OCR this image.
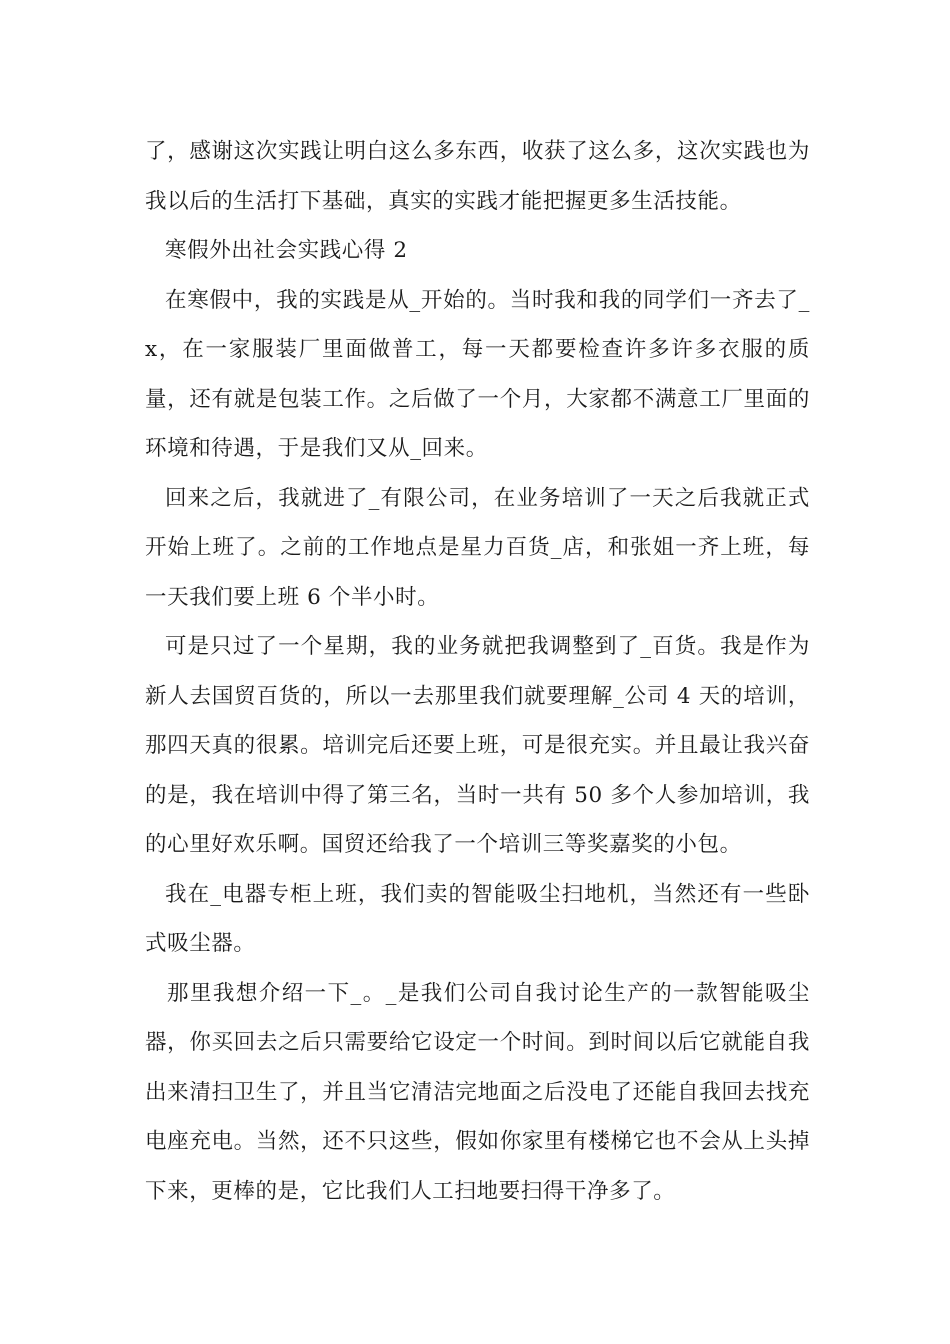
了，感谢这次实践让明白这么多东西，收获了这么多，这次实践也为我以后的生活打下基础，真实的实践才能把握更多生活技能。

寒假外出社会实践心得 2

在寒假中，我的实践是从_开始的。当时我和我的同学们一齐去了_x，在一家服装厂里面做普工，每一天都要检查许多许多衣服的质量，还有就是包装工作。之后做了一个月，大家都不满意工厂里面的环境和待遇，于是我们又从_回来。

回来之后，我就进了_有限公司，在业务培训了一天之后我就正式开始上班了。之前的工作地点是星力百货_店，和张姐一齐上班，每一天我们要上班 6 个半小时。

可是只过了一个星期，我的业务就把我调整到了_百货。我是作为新人去国贸百货的，所以一去那里我们就要理解_公司 4 天的培训，那四天真的很累。培训完后还要上班，可是很充实。并且最让我兴奋的是，我在培训中得了第三名，当时一共有 50 多个人参加培训，我的心里好欢乐啊。国贸还给我了一个培训三等奖嘉奖的小包。

我在_电器专柜上班，我们卖的智能吸尘扫地机，当然还有一些卧式吸尘器。

那里我想介绍一下_。_是我们公司自我讨论生产的一款智能吸尘器，你买回去之后只需要给它设定一个时间。到时间以后它就能自我出来清扫卫生了，并且当它清洁完地面之后没电了还能自我回去找充电座充电。当然，还不只这些，假如你家里有楼梯它也不会从上头掉下来，更棒的是，它比我们人工扫地要扫得干净多了。
